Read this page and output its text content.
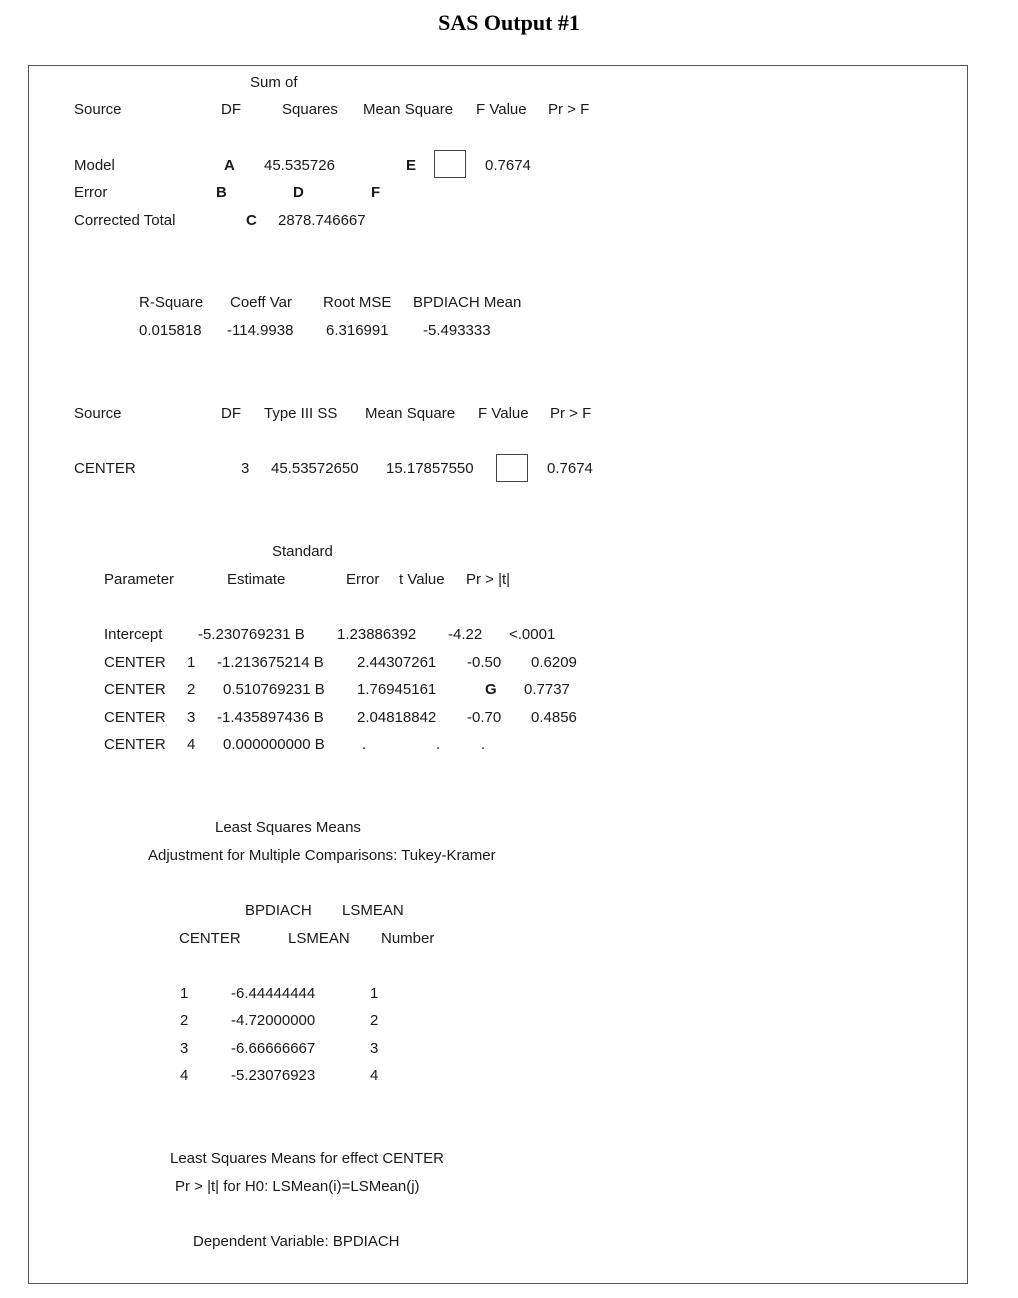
SAS Output #1
Sum of
Source	DF	Squares Mean Square F Value Pr > F
Model	A 45.535726	E	0.7674
Error	B	D	F
Corrected Total	C 2878.746667
R-Square Coeff Var Root MSE BPDIACH Mean
0.015818 -114.9938 6.316991 -5.493333
Source	DF Type III SS Mean Square F Value Pr > F
CENTER	3 45.53572650 15.17857550	0.7674
Standard
Parameter	Estimate	Error t Value Pr > |t|
Intercept -5.230769231 B 1.23886392 -4.22 <.0001
CENTER 1 -1.213675214 B 2.44307261 -0.50 0.6209
CENTER 2 0.510769231 B 1.76945161	G 0.7737
CENTER 3 -1.435897436 B 2.04818842 -0.70 0.4856
CENTER 4 0.000000000 B .	.	.
Least Squares Means
Adjustment for Multiple Comparisons: Tukey-Kramer
BPDIACH LSMEAN
CENTER	LSMEAN Number
1	-6.44444444	1
2	-4.72000000	2
3	-6.66666667	3
4	-5.23076923	4
Least Squares Means for effect CENTER
Pr > |t| for H0: LSMean(i)=LSMean(j)
Dependent Variable: BPDIACH
